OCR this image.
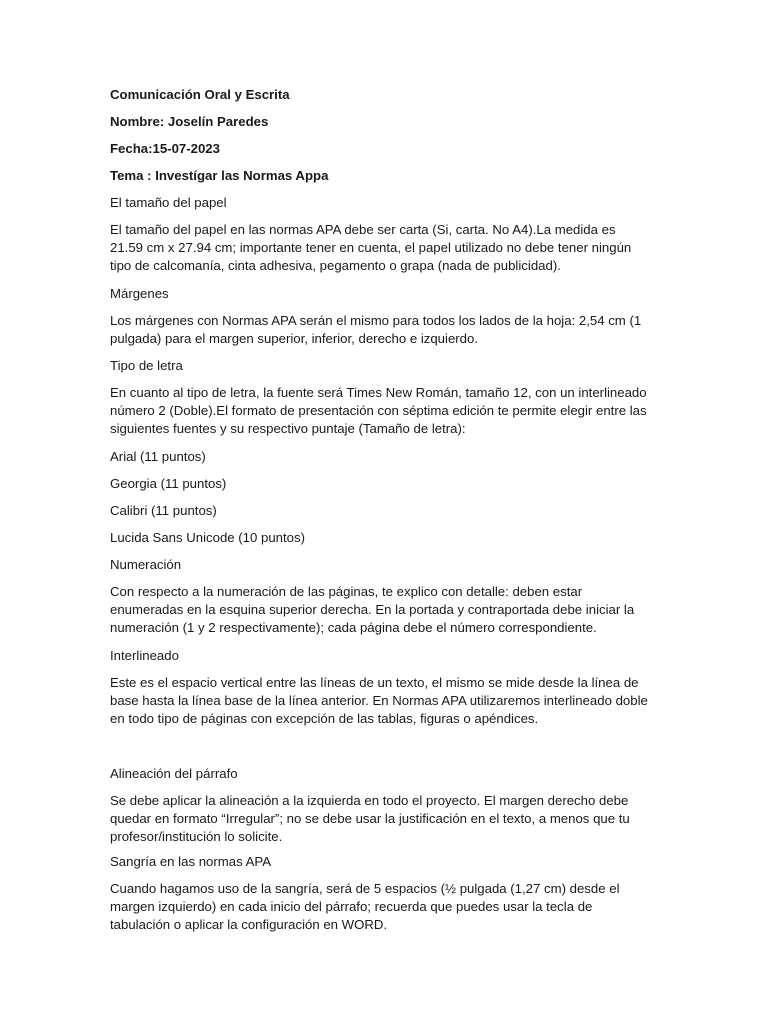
Comunicación Oral y Escrita

Nombre: Joselín Paredes

Fecha:15-07-2023

Tema : Investígar las Normas Appa

El tamaño del papel

El tamaño del papel en las normas APA debe ser carta (Si, carta. No A4).La medida es 21.59 cm x 27.94 cm; importante tener en cuenta, el papel utilizado no debe tener ningún tipo de calcomanía, cinta adhesiva, pegamento o grapa (nada de publicidad).

Márgenes

Los márgenes con Normas APA serán el mismo para todos los lados de la hoja: 2,54 cm (1 pulgada) para el margen superior, inferior, derecho e izquierdo.

Tipo de letra

En cuanto al tipo de letra, la fuente será Times New Román, tamaño 12, con un interlineado número 2 (Doble).El formato de presentación con séptima edición te permite elegir entre las siguientes fuentes y su respectivo puntaje (Tamaño de letra):

Arial (11 puntos)

Georgia (11 puntos)

Calibri (11 puntos)

Lucida Sans Unicode (10 puntos)

Numeración

Con respecto a la numeración de las páginas, te explico con detalle: deben estar enumeradas en la esquina superior derecha. En la portada y contraportada debe iniciar la numeración (1 y 2 respectivamente); cada página debe el número correspondiente.

Interlineado

Este es el espacio vertical entre las líneas de un texto, el mismo se mide desde la línea de base hasta la línea base de la línea anterior. En Normas APA utilizaremos interlineado doble en todo tipo de páginas con excepción de las tablas, figuras o apéndices.

Alineación del párrafo

Se debe aplicar la alineación a la izquierda en todo el proyecto. El margen derecho debe quedar en formato “Irregular”; no se debe usar la justificación en el texto, a menos que tu profesor/institución lo solicite.

Sangría en las normas APA

Cuando hagamos uso de la sangría, será de 5 espacios (½ pulgada (1,27 cm) desde el margen izquierdo) en cada inicio del párrafo; recuerda que puedes usar la tecla de tabulación o aplicar la configuración en WORD.
